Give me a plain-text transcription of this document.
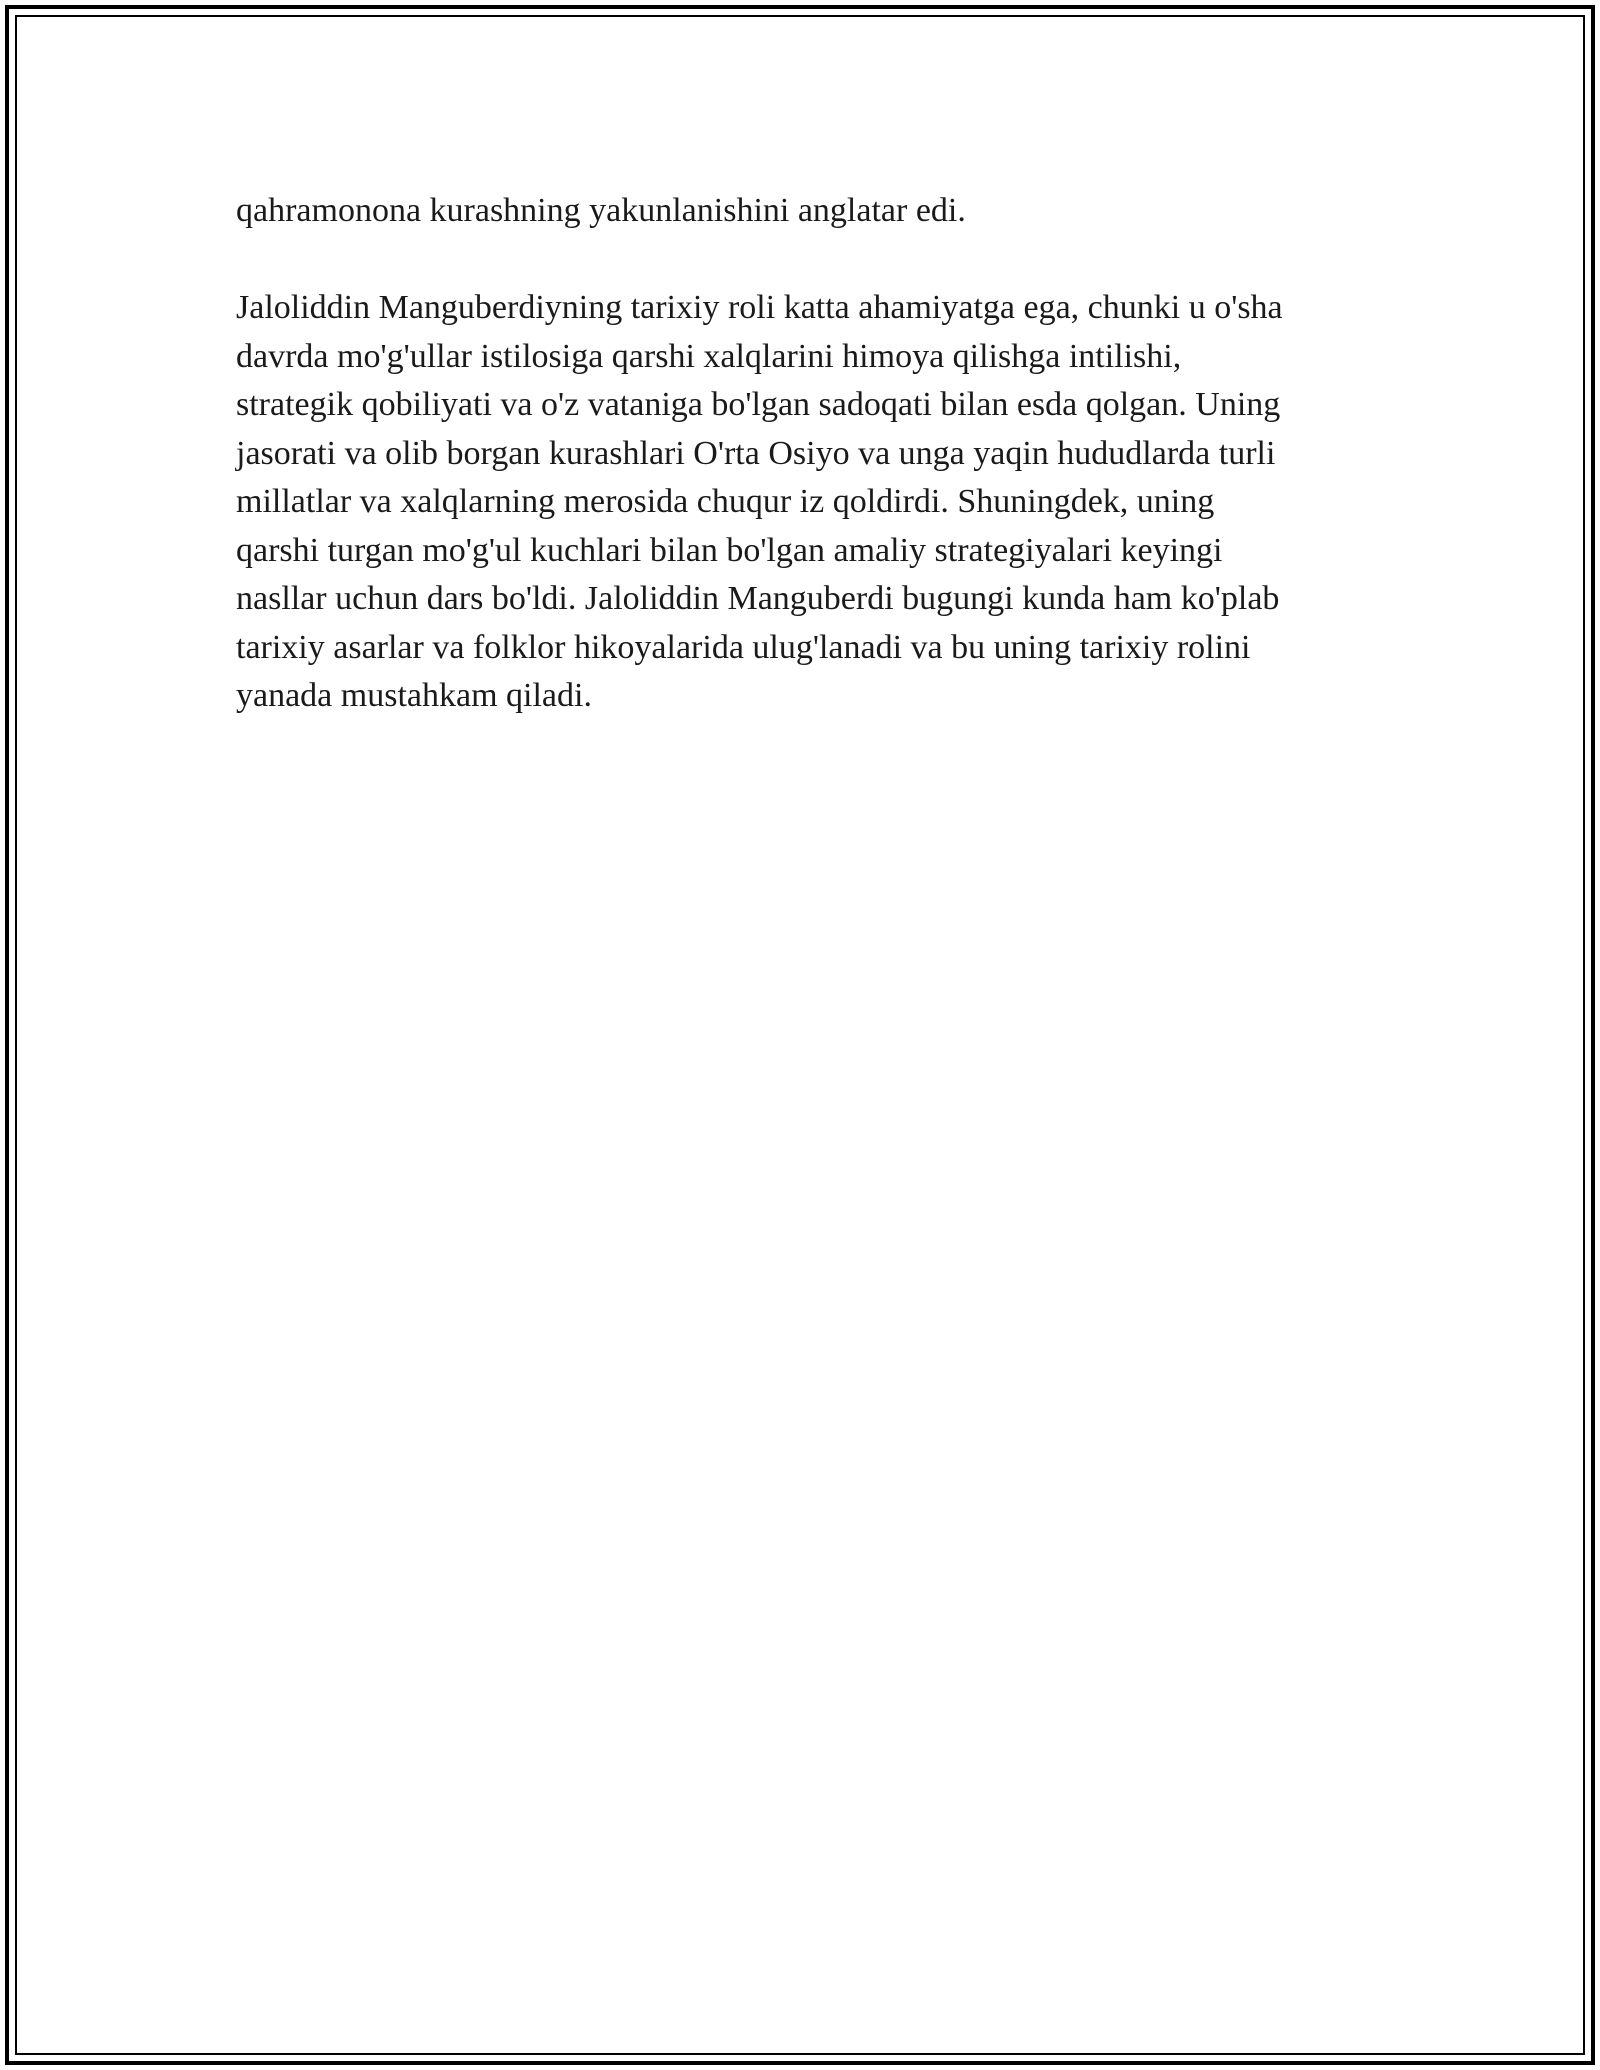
qahramonona kurashning yakunlanishini anglatar edi.

Jaloliddin Manguberdiyning tarixiy roli katta ahamiyatga ega, chunki u o'sha
davrda mo'g'ullar istilosiga qarshi xalqlarini himoya qilishga intilishi,
strategik qobiliyati va o'z vataniga bo'lgan sadoqati bilan esda qolgan. Uning
jasorati va olib borgan kurashlari O'rta Osiyo va unga yaqin hududlarda turli
millatlar va xalqlarning merosida chuqur iz qoldirdi. Shuningdek, uning
qarshi turgan mo'g'ul kuchlari bilan bo'lgan amaliy strategiyalari keyingi
nasllar uchun dars bo'ldi. Jaloliddin Manguberdi bugungi kunda ham ko'plab
tarixiy asarlar va folklor hikoyalarida ulug'lanadi va bu uning tarixiy rolini
yanada mustahkam qiladi.
